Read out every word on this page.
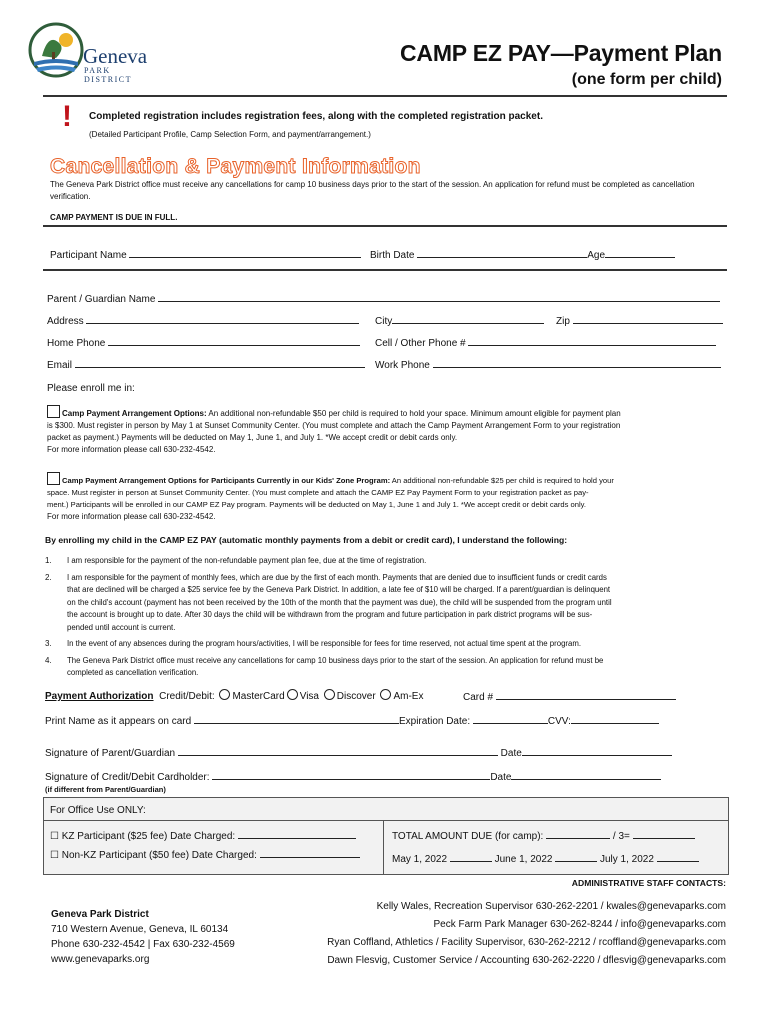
Geneva
PARK DISTRICT
CAMP EZ PAY—Payment Plan
(one form per child)
! Completed registration includes registration fees, along with the completed registration packet.
(Detailed Participant Profile, Camp Selection Form, and payment/arrangement.)
Cancellation & Payment Information
The Geneva Park District office must receive any cancellations for camp 10 business days prior to the start of the session. An application for refund must be completed as cancellation verification.
CAMP PAYMENT IS DUE IN FULL.
Participant Name	Birth Date	Age
Parent / Guardian Name
Address	City	Zip
Home Phone	Cell / Other Phone #
Email	Work Phone
Please enroll me in:
Camp Payment Arrangement Options: An additional non-refundable $50 per child is required to hold your space. Minimum amount eligible for payment plan
is $300. Must register in person by May 1 at Sunset Community Center. (You must complete and attach the Camp Payment Arrangement Form to your registration
packet as payment.) Payments will be deducted on May 1, June 1, and July 1. *We accept credit or debit cards only.
For more information please call 630-232-4542.
Camp Payment Arrangement Options for Participants Currently in our Kids' Zone Program: An additional non-refundable $25 per child is required to hold your
space. Must register in person at Sunset Community Center. (You must complete and attach the CAMP EZ Pay Payment Form to your registration packet as pay-
ment.) Participants will be enrolled in our CAMP EZ Pay program. Payments will be deducted on May 1, June 1 and July 1. *We accept credit or debit cards only.
For more information please call 630-232-4542.
By enrolling my child in the CAMP EZ PAY (automatic monthly payments from a debit or credit card), I understand the following:
1. I am responsible for the payment of the non-refundable payment plan fee, due at the time of registration.
2. I am responsible for the payment of monthly fees, which are due by the first of each month. Payments that are denied due to insufficient funds or credit cards
that are declined will be charged a $25 service fee by the Geneva Park District. In addition, a late fee of $10 will be charged. If a parent/guardian is delinquent
on the child's account (payment has not been received by the 10th of the month that the payment was due), the child will be suspended from the program until
the account is brought up to date. After 30 days the child will be withdrawn from the program and future participation in park district programs will be sus-
pended until account is current.
3. In the event of any absences during the program hours/activities, I will be responsible for fees for time reserved, not actual time spent at the program.
4. The Geneva Park District office must receive any cancellations for camp 10 business days prior to the start of the session. An application for refund must be
completed as cancellation verification.
Payment Authorization Credit/Debit: MasterCard Visa Discover Am-Ex	Card #
Print Name as it appears on card	Expiration Date:	CVV:
Signature of Parent/Guardian	Date
Signature of Credit/Debit Cardholder:	Date
(if different from Parent/Guardian)
For Office Use ONLY:
☐ KZ Participant ($25 fee) Date Charged:
☐ Non-KZ Participant ($50 fee) Date Charged:
TOTAL AMOUNT DUE (for camp):	/ 3=
May 1, 2022	June 1, 2022	July 1, 2022
ADMINISTRATIVE STAFF CONTACTS:
Kelly Wales, Recreation Supervisor 630-262-2201 / kwales@genevaparks.com
Peck Farm Park Manager 630-262-8244 / info@genevaparks.com
Ryan Coffland, Athletics / Facility Supervisor, 630-262-2212 / rcoffland@genevaparks.com
Dawn Flesvig, Customer Service / Accounting 630-262-2220 / dflesvig@genevaparks.com
Geneva Park District
710 Western Avenue, Geneva, IL 60134
Phone 630-232-4542 | Fax 630-232-4569
www.genevaparks.org
